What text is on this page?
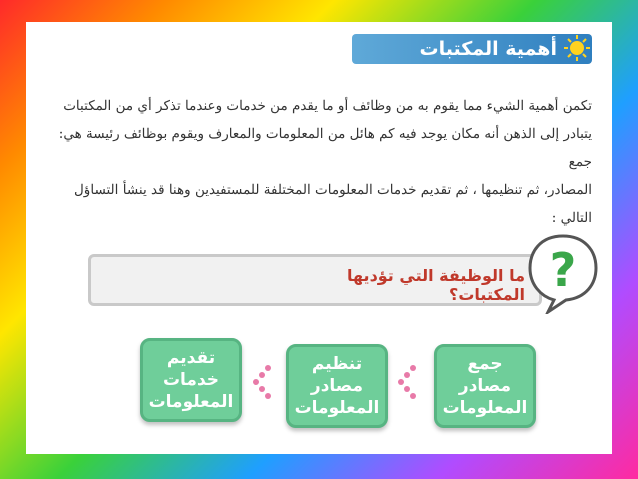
أهمية المكتبات ووظائفها
تكمن أهمية الشيء مما يقوم به من وظائف أو ما يقدم من خدمات وعندما تذكر أي من المكتبات
يتبادر إلى الذهن أنه مكان يوجد فيه كم هائل من المعلومات والمعارف ويقوم بوظائف رئيسة هي: جمع
المصادر، ثم تنظيمها ، ثم تقديم خدمات المعلومات المختلفة للمستفيدين وهنا قد ينشأ التساؤل التالي :
ما الوظيفة التي تؤديها المكتبات؟ ?
جمع مصادر المعلومات
تنظيم مصادر المعلومات
تقديم خدمات المعلومات
